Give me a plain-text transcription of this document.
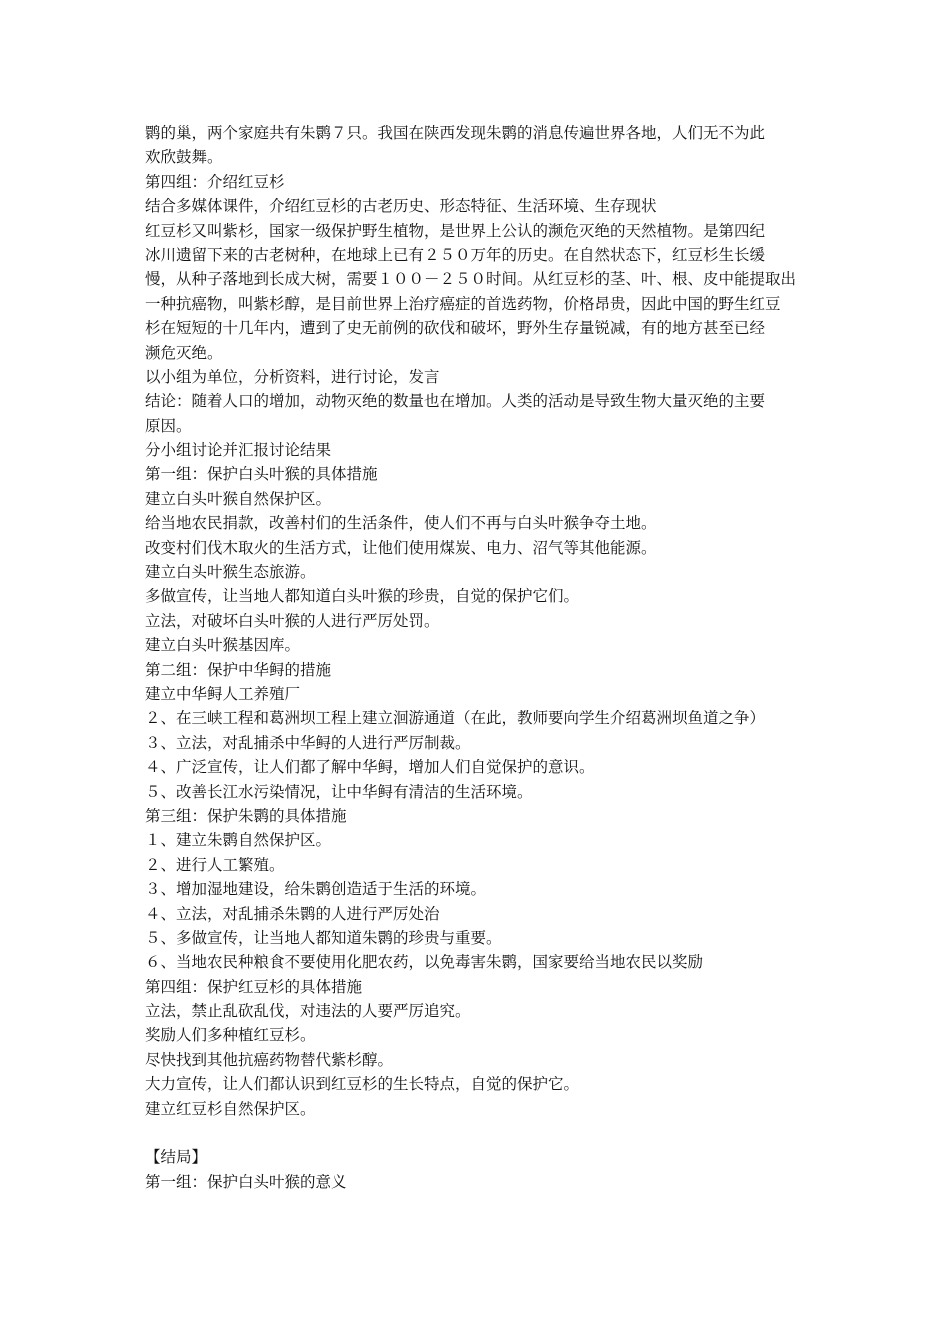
鹮的巢，两个家庭共有朱鹮７只。我国在陕西发现朱鹮的消息传遍世界各地，人们无不为此
欢欣鼓舞。
第四组：介绍红豆杉
结合多媒体课件，介绍红豆杉的古老历史、形态特征、生活环境、生存现状
红豆杉又叫紫杉，国家一级保护野生植物，是世界上公认的濒危灭绝的天然植物。是第四纪
冰川遗留下来的古老树种，在地球上已有２５０万年的历史。在自然状态下，红豆杉生长缓
慢，从种子落地到长成大树，需要１００－２５０时间。从红豆杉的茎、叶、根、皮中能提取出
一种抗癌物，叫紫杉醇，是目前世界上治疗癌症的首选药物，价格昂贵，因此中国的野生红豆
杉在短短的十几年内，遭到了史无前例的砍伐和破坏，野外生存量锐减，有的地方甚至已经
濒危灭绝。
以小组为单位，分析资料，进行讨论，发言
结论：随着人口的增加，动物灭绝的数量也在增加。人类的活动是导致生物大量灭绝的主要
原因。
分小组讨论并汇报讨论结果
第一组：保护白头叶猴的具体措施
建立白头叶猴自然保护区。
给当地农民捐款，改善村们的生活条件，使人们不再与白头叶猴争夺土地。
改变村们伐木取火的生活方式，让他们使用煤炭、电力、沼气等其他能源。
建立白头叶猴生态旅游。
多做宣传，让当地人都知道白头叶猴的珍贵，自觉的保护它们。
立法，对破坏白头叶猴的人进行严厉处罚。
建立白头叶猴基因库。
第二组：保护中华鲟的措施
建立中华鲟人工养殖厂
２、在三峡工程和葛洲坝工程上建立洄游通道（在此，教师要向学生介绍葛洲坝鱼道之争）
３、立法，对乱捕杀中华鲟的人进行严厉制裁。
４、广泛宣传，让人们都了解中华鲟，增加人们自觉保护的意识。
５、改善长江水污染情况，让中华鲟有清洁的生活环境。
第三组：保护朱鹮的具体措施
１、建立朱鹮自然保护区。
２、进行人工繁殖。
３、增加湿地建设，给朱鹮创造适于生活的环境。
４、立法，对乱捕杀朱鹮的人进行严厉处治
５、多做宣传，让当地人都知道朱鹮的珍贵与重要。
６、当地农民种粮食不要使用化肥农药，以免毒害朱鹮，国家要给当地农民以奖励
第四组：保护红豆杉的具体措施
立法，禁止乱砍乱伐，对违法的人要严厉追究。
奖励人们多种植红豆杉。
尽快找到其他抗癌药物替代紫杉醇。
大力宣传，让人们都认识到红豆杉的生长特点，自觉的保护它。
建立红豆杉自然保护区。
【结局】
第一组：保护白头叶猴的意义
